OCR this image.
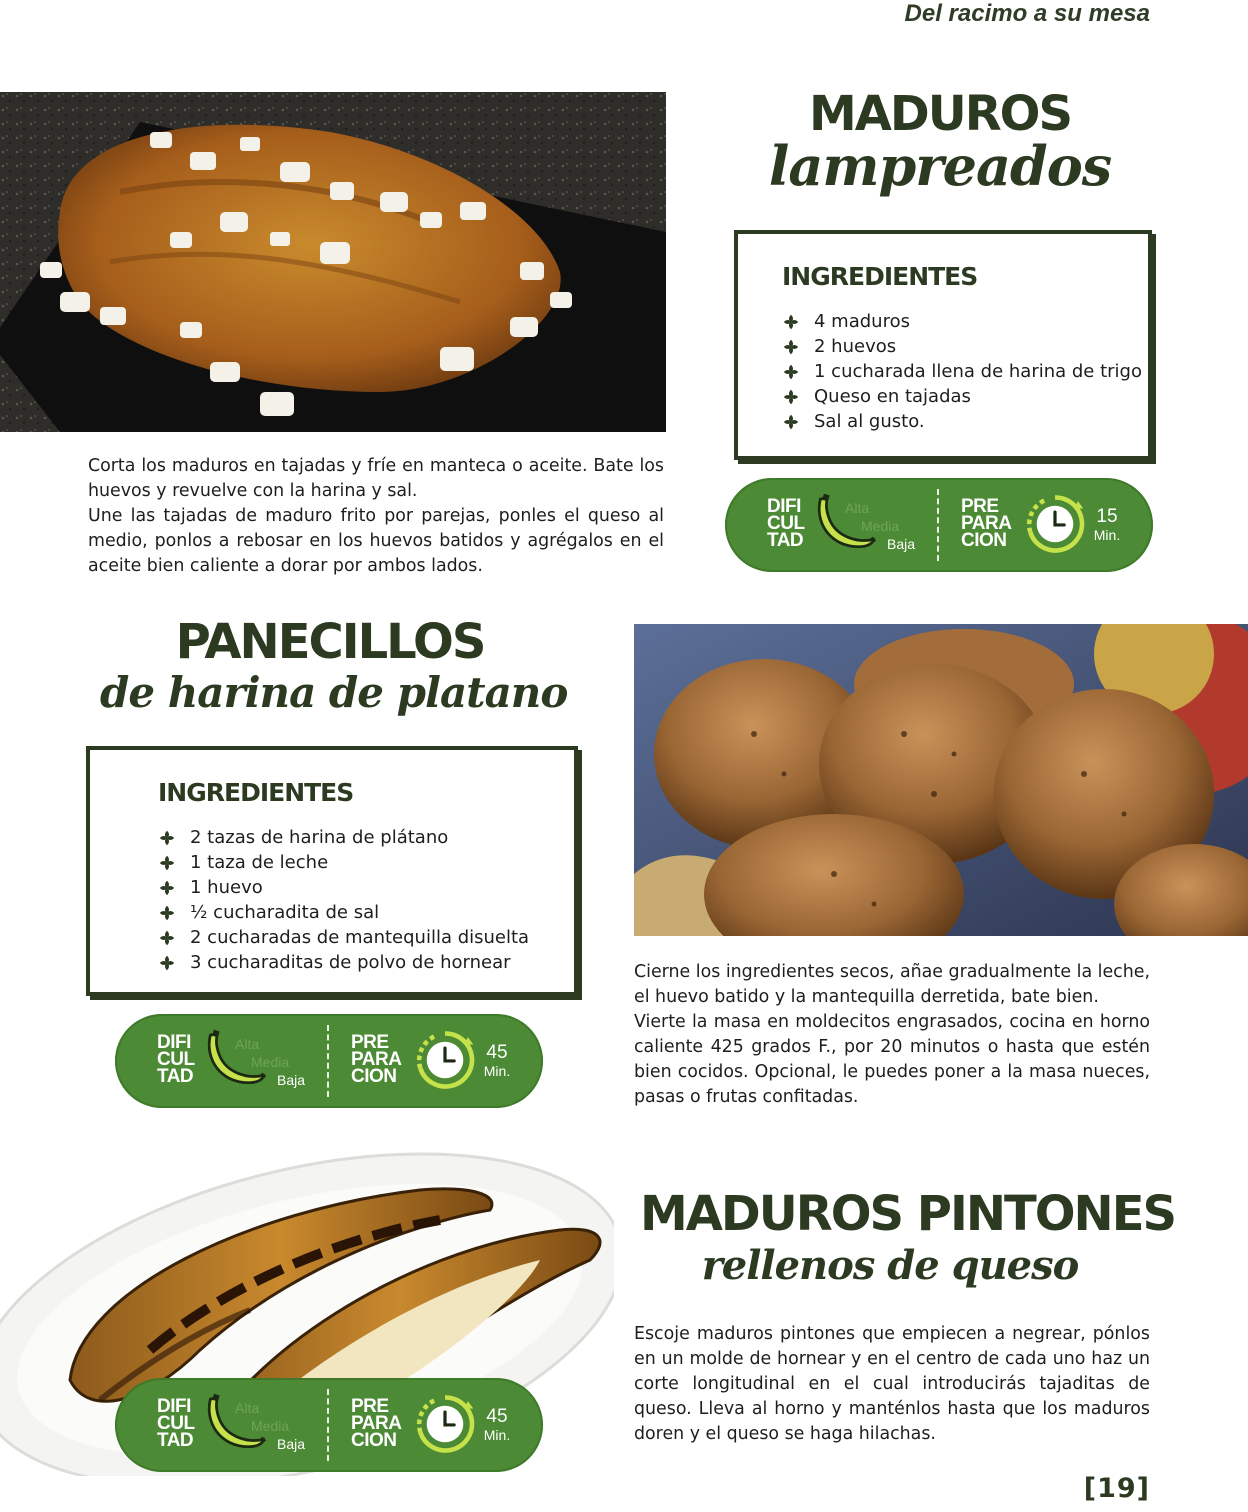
Del racimo a su mesa
MADUROS
lampreados
INGREDIENTES
4 maduros
2 huevos
1 cucharada llena de harina de trigo
Queso en tajadas
Sal al gusto.

Corta los maduros en tajadas y fríe en manteca o aceite. Bate los huevos y revuelve con la harina y sal.

Une las tajadas de maduro frito por parejas, ponles el queso al medio, ponlos a rebosar en los huevos batidos y agrégalos en el aceite bien caliente a dorar por ambos lados.

DIFI
CUL
TAD
Alta
Media
Baja
PRE
PARA
CION
15
Min.
PANECILLOS
de harina de platano
INGREDIENTES
2 tazas de harina de plátano
1 taza de leche
1 huevo
½ cucharadita de sal
2 cucharadas de mantequilla disuelta
3 cucharaditas de polvo de hornear
DIFI
CUL
TAD
Alta
Media
Baja
PRE
PARA
CION
45
Min.

Cierne los ingredientes secos, añae gradualmente la leche, el huevo batido y la mantequilla derretida, bate bien.

Vierte la masa en moldecitos engrasados, cocina en horno caliente 425 grados F., por 20 minutos o hasta que estén bien cocidos. Opcional, le puedes poner a la masa nueces, pasas o frutas confitadas.

DIFI
CUL
TAD
Alta
Media
Baja
PRE
PARA
CION
45
Min.
MADUROS PINTONES
rellenos de queso

Escoje maduros pintones que empiecen a negrear, pónlos en un molde de hornear y en el centro de cada uno haz un corte longitudinal en el cual introducirás tajaditas de queso. Lleva al horno y manténlos hasta que los maduros doren y el queso se haga hilachas.

[19]
